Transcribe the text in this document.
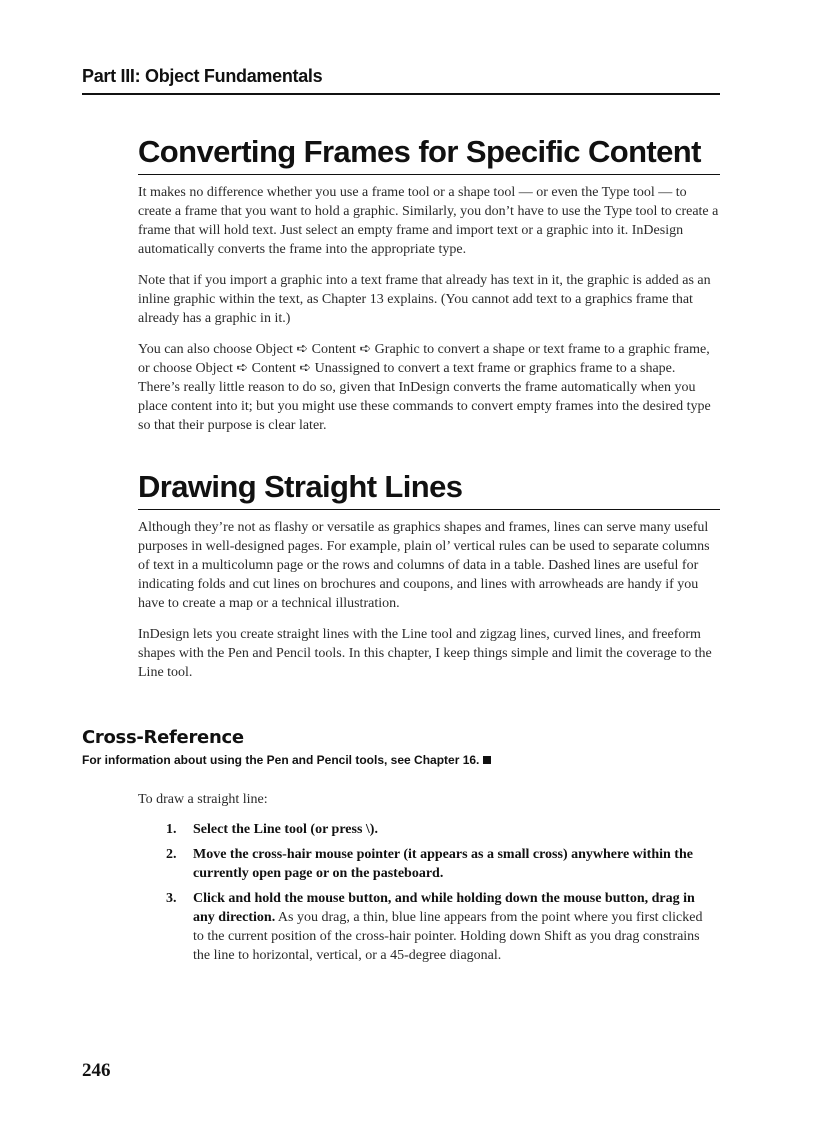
Part III: Object Fundamentals
Converting Frames for Specific Content

It makes no difference whether you use a frame tool or a shape tool — or even the Type tool — to create a frame that you want to hold a graphic. Similarly, you don’t have to use the Type tool to create a frame that will hold text. Just select an empty frame and import text or a graphic into it. InDesign automatically converts the frame into the appropriate type.

Note that if you import a graphic into a text frame that already has text in it, the graphic is added as an inline graphic within the text, as Chapter 13 explains. (You cannot add text to a graphics frame that already has a graphic in it.)

You can also choose Object ➪ Content ➪ Graphic to convert a shape or text frame to a graphic frame, or choose Object ➪ Content ➪ Unassigned to convert a text frame or graphics frame to a shape. There’s really little reason to do so, given that InDesign converts the frame automatically when you place content into it; but you might use these commands to convert empty frames into the desired type so that their purpose is clear later.

Drawing Straight Lines

Although they’re not as flashy or versatile as graphics shapes and frames, lines can serve many useful purposes in well-designed pages. For example, plain ol’ vertical rules can be used to separate columns of text in a multicolumn page or the rows and columns of data in a table. Dashed lines are useful for indicating folds and cut lines on brochures and coupons, and lines with arrowheads are handy if you have to create a map or a technical illustration.

InDesign lets you create straight lines with the Line tool and zigzag lines, curved lines, and freeform shapes with the Pen and Pencil tools. In this chapter, I keep things simple and limit the coverage to the Line tool.

Cross-Reference
For information about using the Pen and Pencil tools, see Chapter 16.

To draw a straight line:

1.	Select the Line tool (or press \).
2.	Move the cross-hair mouse pointer (it appears as a small cross) anywhere within the currently open page or on the pasteboard.
3.	Click and hold the mouse button, and while holding down the mouse button, drag in any direction. As you drag, a thin, blue line appears from the point where you first clicked to the current position of the cross-hair pointer. Holding down Shift as you drag constrains the line to horizontal, vertical, or a 45-degree diagonal.
246
